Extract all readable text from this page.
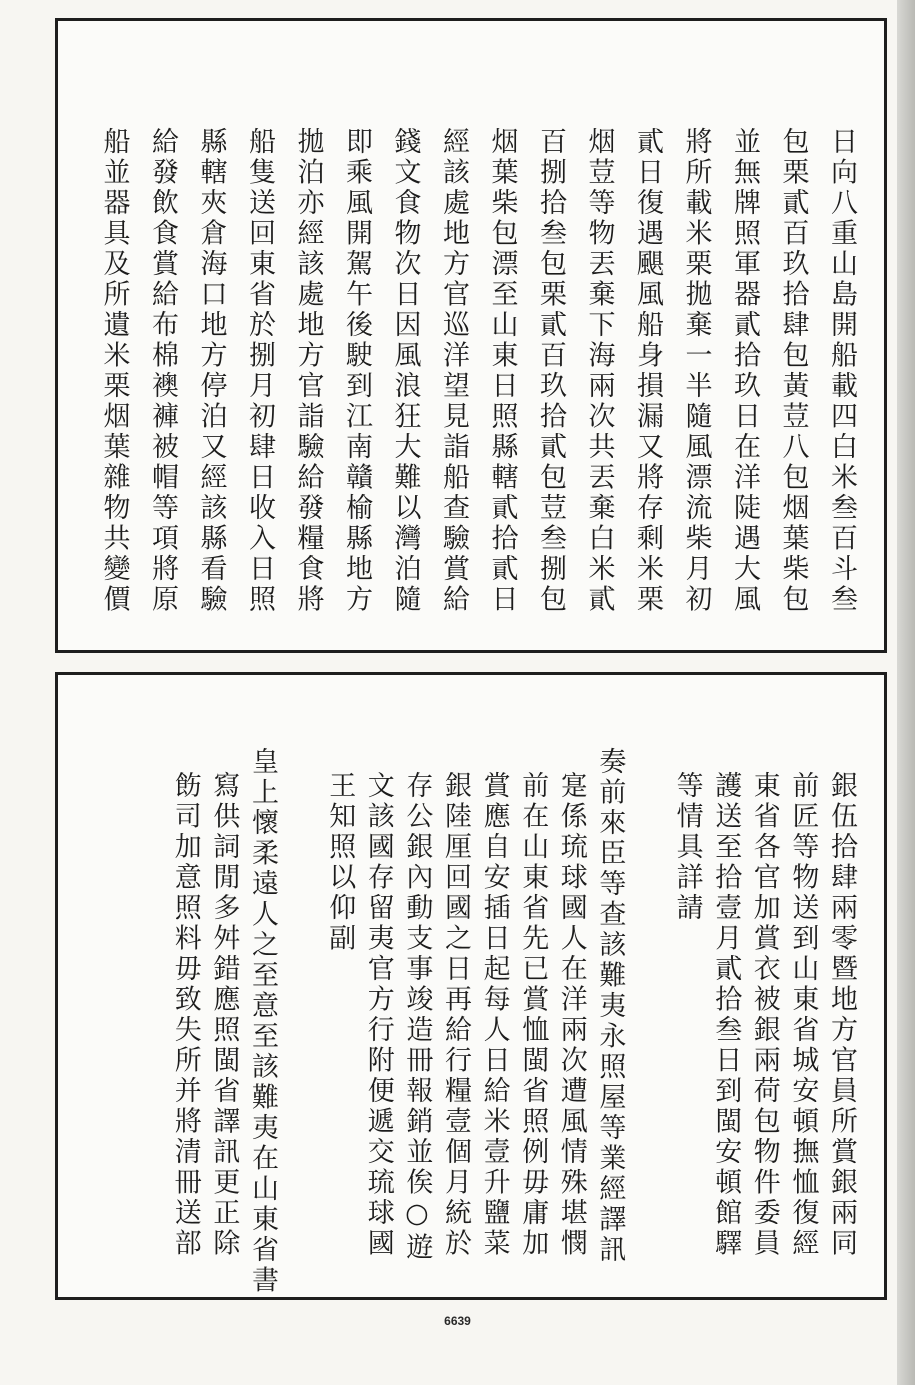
日向八重山島開船載四白米叁百斗叁
包栗貳百玖拾肆包黃荳八包烟葉柴包
並無牌照軍器貳拾玖日在洋陡遇大風
將所載米栗拋棄一半隨風漂流柴月初
貳日復遇颶風船身損漏又將存剩米栗
烟荳等物丟棄下海兩次共丟棄白米貳
百捌拾叁包栗貳百玖拾貳包荳叁捌包
烟葉柴包漂至山東日照縣轄貳拾貳日
經該處地方官巡洋望見詣船查驗賞給
錢文食物次日因風浪狂大難以灣泊隨
即乘風開駕午後駛到江南贛榆縣地方
拋泊亦經該處地方官詣驗給發糧食將
船隻送回東省於捌月初肆日收入日照
縣轄夾倉海口地方停泊又經該縣看驗
給發飲食賞給布棉襖褲被帽等項將原
船並器具及所遺米栗烟葉雜物共變價
銀伍拾肆兩零暨地方官員所賞銀兩同
前匠等物送到山東省城安頓撫恤復經
東省各官加賞衣被銀兩荷包物件委員
護送至拾壹月貳拾叁日到閩安頓館驛
等情具詳請
奏前來臣等查該難夷永照屋等業經譯訊
寔係琉球國人在洋兩次遭風情殊堪憫
前在山東省先已賞恤閩省照例毋庸加
賞應自安插日起每人日給米壹升鹽菜
銀陸厘回國之日再給行糧壹個月統於
存公銀內動支事竣造冊報銷並俟○遊
文該國存留夷官方行附便遞交琉球國
王知照以仰副
皇上懷柔遠人之至意至該難夷在山東省書
寫供詞閒多舛錯應照閩省譯訊更正除
飭司加意照料毋致失所并將清冊送部
6639
